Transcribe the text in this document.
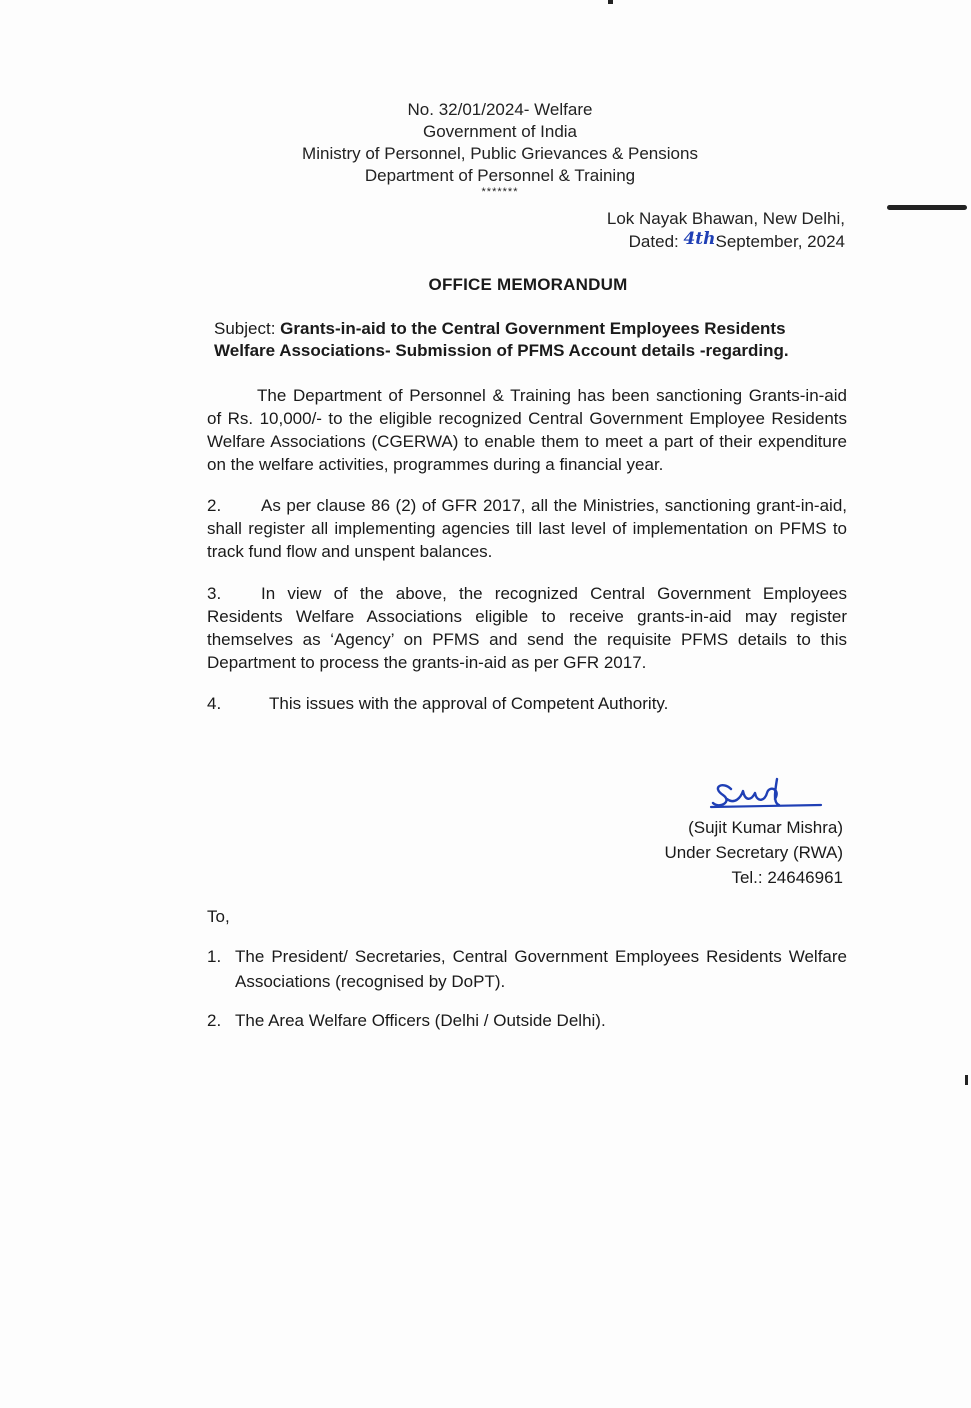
No. 32/01/2024- Welfare
Government of India
Ministry of Personnel, Public Grievances & Pensions
Department of Personnel & Training
*******
Lok Nayak Bhawan, New Delhi,
Dated: 4thSeptember, 2024
OFFICE MEMORANDUM
Subject: Grants-in-aid to the Central Government Employees Residents Welfare Associations- Submission of PFMS Account details -regarding.
The Department of Personnel & Training has been sanctioning Grants-in-aid of Rs. 10,000/- to the eligible recognized Central Government Employee Residents Welfare Associations (CGERWA) to enable them to meet a part of their expenditure on the welfare activities, programmes during a financial year.
2. As per clause 86 (2) of GFR 2017, all the Ministries, sanctioning grant-in-aid, shall register all implementing agencies till last level of implementation on PFMS to track fund flow and unspent balances.
3. In view of the above, the recognized Central Government Employees Residents Welfare Associations eligible to receive grants-in-aid may register themselves as ‘Agency’ on PFMS and send the requisite PFMS details to this Department to process the grants-in-aid as per GFR 2017.
4.	This issues with the approval of Competent Authority.
(Sujit Kumar Mishra)
Under Secretary (RWA)
Tel.: 24646961
To,
1. The President/ Secretaries, Central Government Employees Residents Welfare Associations (recognised by DoPT).
2. The Area Welfare Officers (Delhi / Outside Delhi).
